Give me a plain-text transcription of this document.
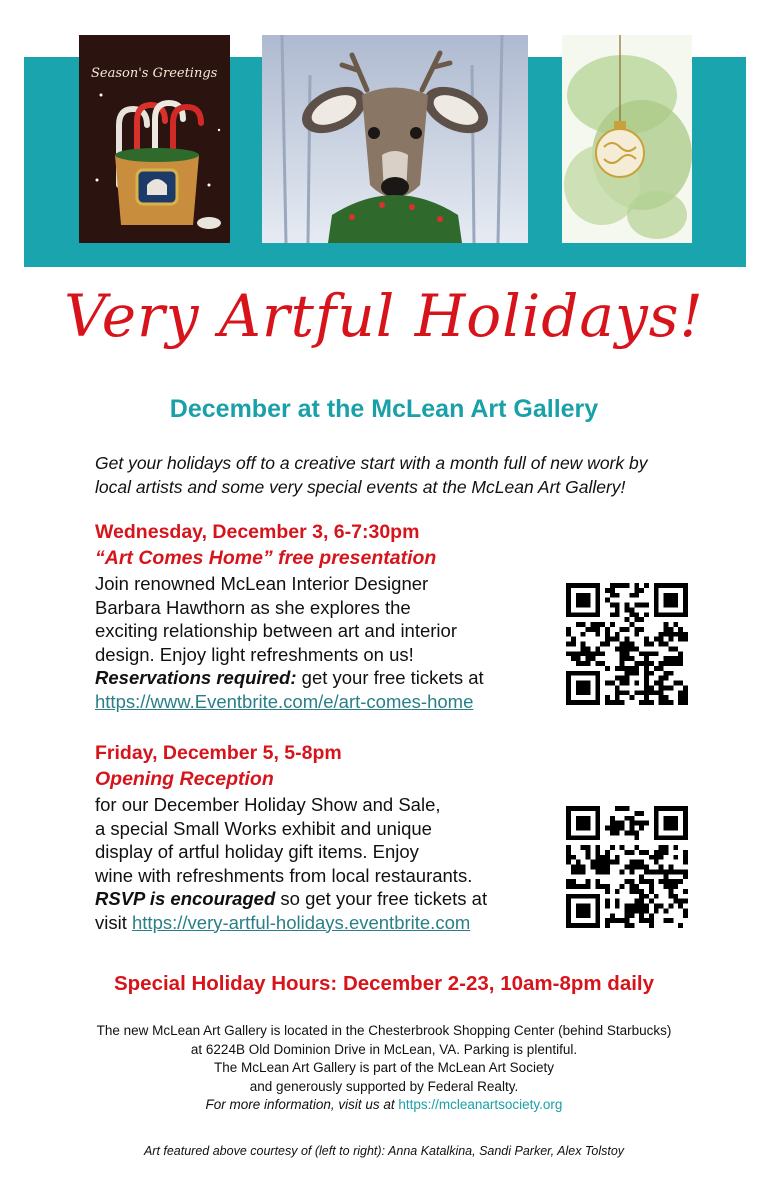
Season's Greetings
Very Artful Holidays!
December at the McLean Art Gallery
Get your holidays off to a creative start with a month full of new work by
local artists and some very special events at the McLean Art Gallery!
Wednesday, December 3, 6-7:30pm
“Art Comes Home” free presentation
Join renowned McLean Interior Designer
Barbara Hawthorn as she explores the
exciting relationship between art and interior
design. Enjoy light refreshments on us!
Reservations required: get your free tickets at
https://www.Eventbrite.com/e/art-comes-home
Friday, December 5, 5-8pm
Opening Reception
for our December Holiday Show and Sale,
a special Small Works exhibit and unique
display of artful holiday gift items. Enjoy
wine with refreshments from local restaurants.
RSVP is encouraged so get your free tickets at
visit https://very-artful-holidays.eventbrite.com
Special Holiday Hours: December 2-23, 10am-8pm daily
The new McLean Art Gallery is located in the Chesterbrook Shopping Center (behind Starbucks)
at 6224B Old Dominion Drive in McLean, VA. Parking is plentiful.
The McLean Art Gallery is part of the McLean Art Society
and generously supported by Federal Realty.
For more information, visit us at https://mcleanartsociety.org
Art featured above courtesy of (left to right): Anna Katalkina, Sandi Parker, Alex Tolstoy
